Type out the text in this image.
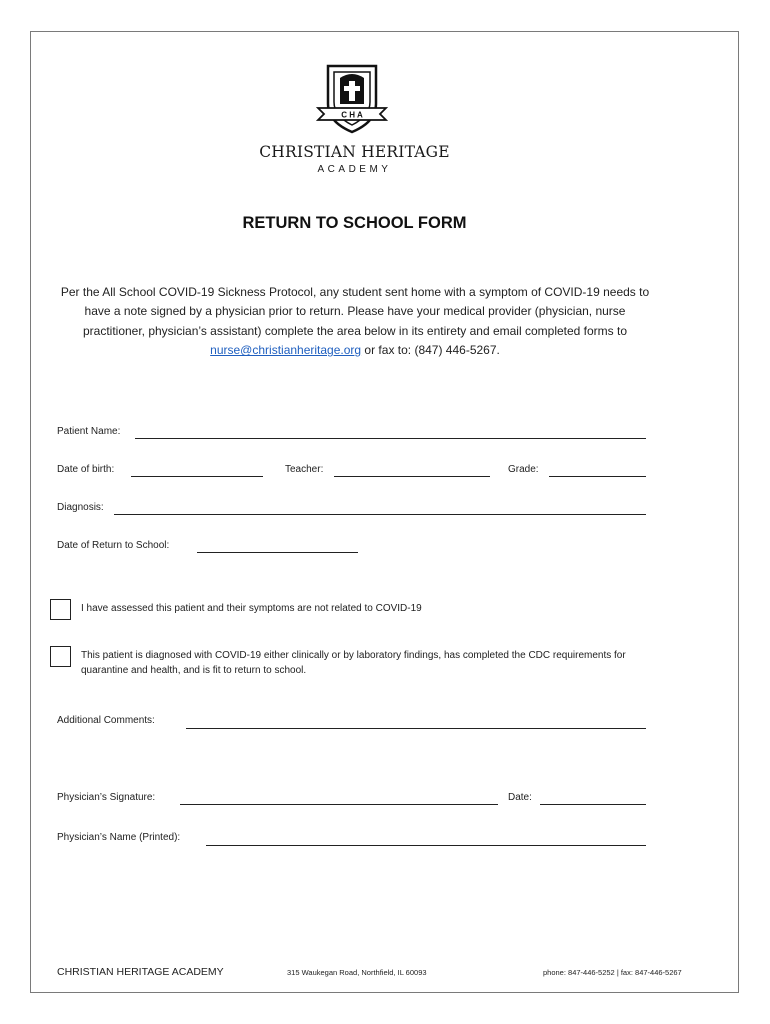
C H A
CHRISTIAN HERITAGE
ACADEMY
RETURN TO SCHOOL FORM
Per the All School COVID-19 Sickness Protocol, any student sent home with a symptom of COVID-19 needs to have a note signed by a physician prior to return. Please have your medical provider (physician, nurse practitioner, physician’s assistant) complete the area below in its entirety and email completed forms to nurse@christianheritage.org or fax to: (847) 446-5267.
Patient Name:
Date of birth:	Teacher:	Grade:
Diagnosis:
Date of Return to School:
I have assessed this patient and their symptoms are not related to COVID-19
This patient is diagnosed with COVID-19 either clinically or by laboratory findings, has completed the CDC requirements for quarantine and health, and is fit to return to school.
Additional Comments:
Physician’s Signature:	Date:
Physician’s Name (Printed):
CHRISTIAN HERITAGE ACADEMY	315 Waukegan Road, Northfield, IL 60093	phone: 847-446-5252 | fax: 847-446-5267
